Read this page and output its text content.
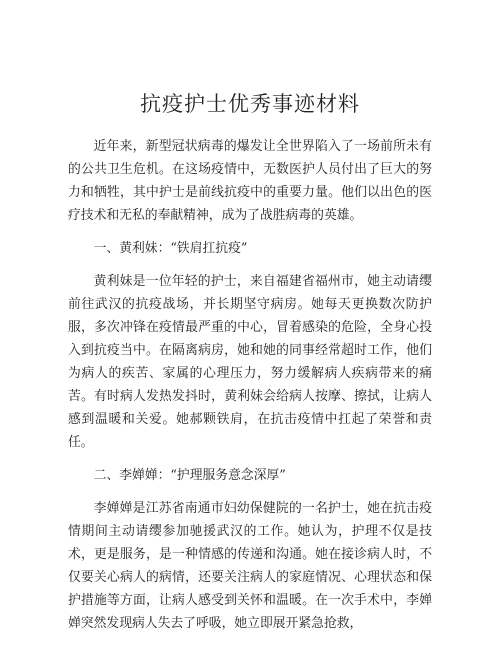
抗疫护士优秀事迹材料

近年来，新型冠状病毒的爆发让全世界陷入了一场前所未有的公共卫生危机。在这场疫情中，无数医护人员付出了巨大的努力和牺牲，其中护士是前线抗疫中的重要力量。他们以出色的医疗技术和无私的奉献精神，成为了战胜病毒的英雄。

一、黄利妹：“铁肩扛抗疫”

黄利妹是一位年轻的护士，来自福建省福州市，她主动请缨前往武汉的抗疫战场，并长期坚守病房。她每天更换数次防护服，多次冲锋在疫情最严重的中心，冒着感染的危险，全身心投入到抗疫当中。在隔离病房，她和她的同事经常超时工作，他们为病人的疾苦、家属的心理压力，努力缓解病人疾病带来的痛苦。有时病人发热发抖时，黄利妹会给病人按摩、擦拭，让病人感到温暖和关爱。她郝颗铁肩，在抗击疫情中扛起了荣誉和责任。

二、李婵婵：“护理服务意念深厚”

李婵婵是江苏省南通市妇幼保健院的一名护士，她在抗击疫情期间主动请缨参加驰援武汉的工作。她认为，护理不仅是技术，更是服务，是一种情感的传递和沟通。她在接诊病人时，不仅要关心病人的病情，还要关注病人的家庭情况、心理状态和保护措施等方面，让病人感受到关怀和温暖。在一次手术中，李婵婵突然发现病人失去了呼吸，她立即展开紧急抢救，
